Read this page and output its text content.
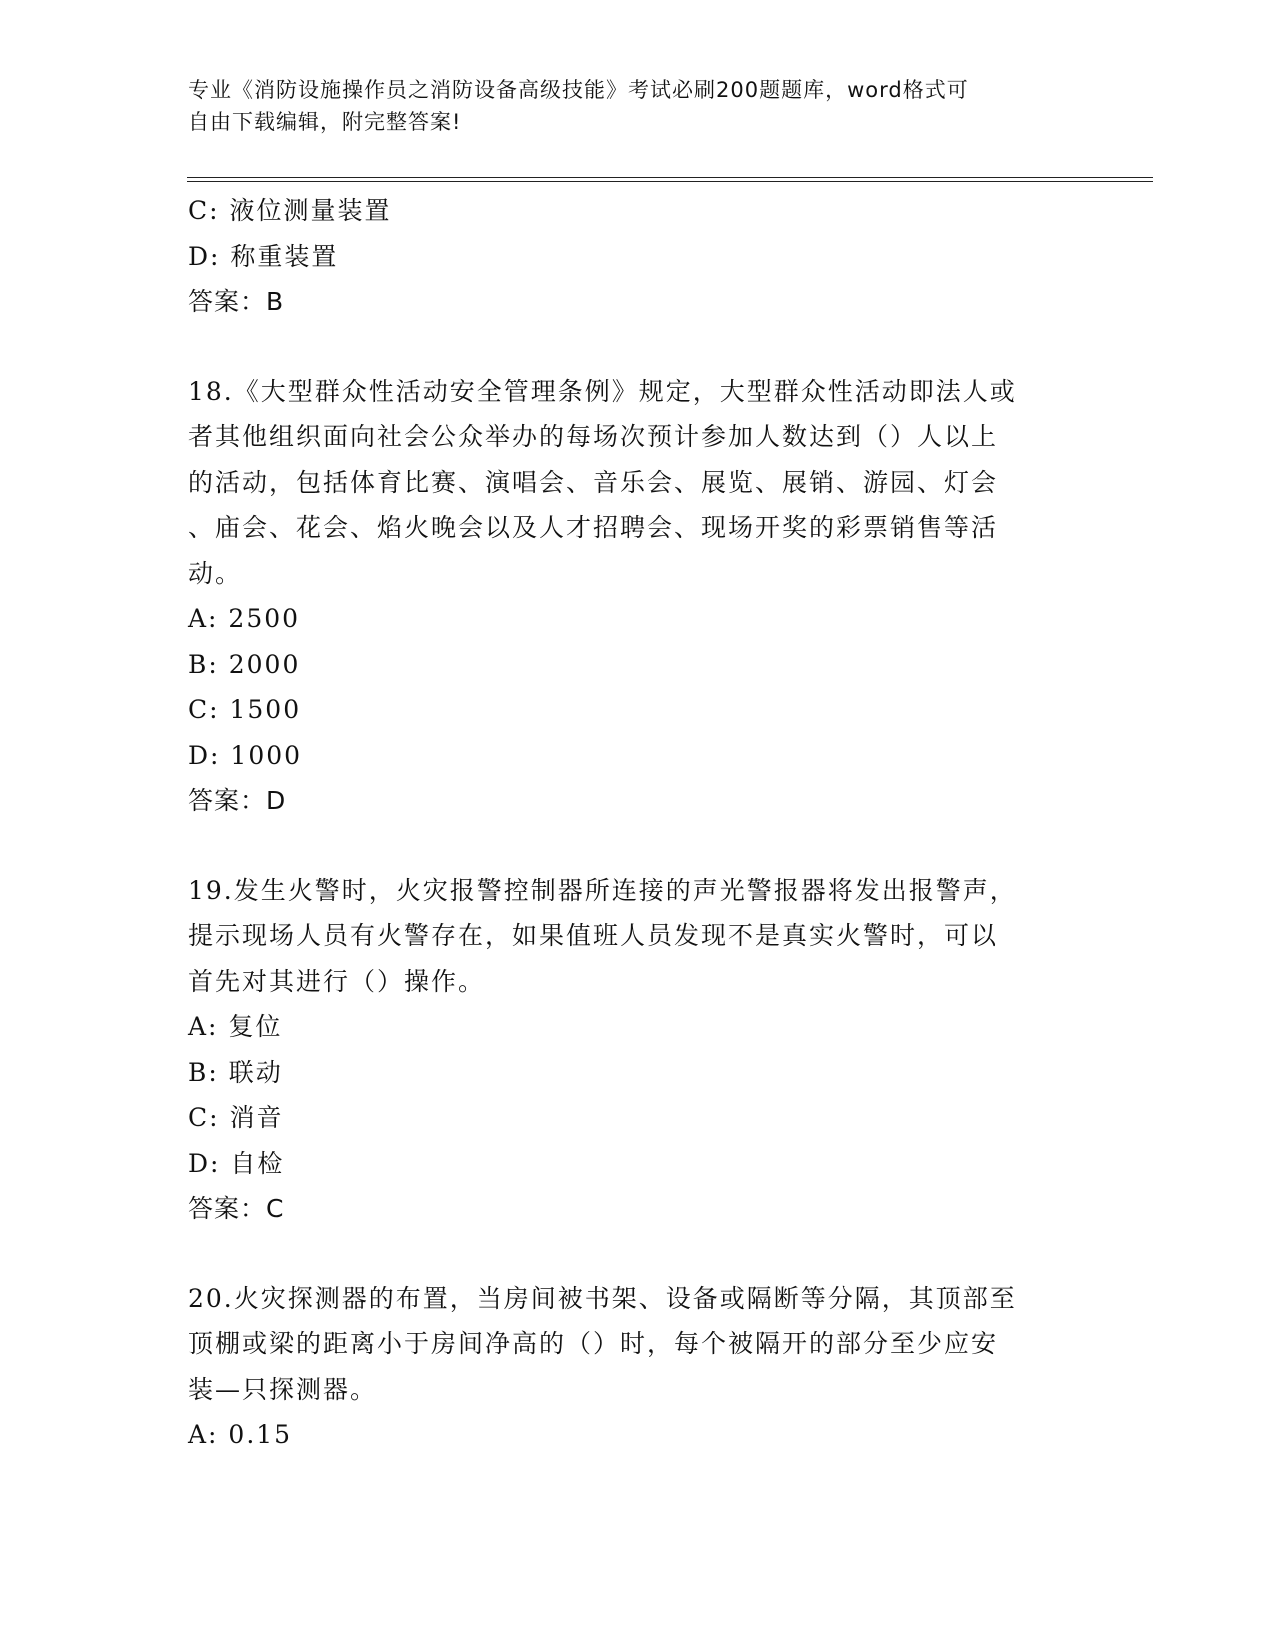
专业《消防设施操作员之消防设备高级技能》考试必刷200题题库，word格式可
自由下载编辑，附完整答案!
C: 液位测量装置
D: 称重装置
答案：B
18.《大型群众性活动安全管理条例》规定，大型群众性活动即法人或
者其他组织面向社会公众举办的每场次预计参加人数达到（）人以上
的活动，包括体育比赛、演唱会、音乐会、展览、展销、游园、灯会
、庙会、花会、焰火晚会以及人才招聘会、现场开奖的彩票销售等活
动。
A: 2500
B: 2000
C: 1500
D: 1000
答案：D
19.发生火警时，火灾报警控制器所连接的声光警报器将发出报警声，
提示现场人员有火警存在，如果值班人员发现不是真实火警时，可以
首先对其进行（）操作。
A: 复位
B: 联动
C: 消音
D: 自检
答案：C
20.火灾探测器的布置，当房间被书架、设备或隔断等分隔，其顶部至
顶棚或梁的距离小于房间净高的（）时，每个被隔开的部分至少应安
装—只探测器。
A: 0.15
